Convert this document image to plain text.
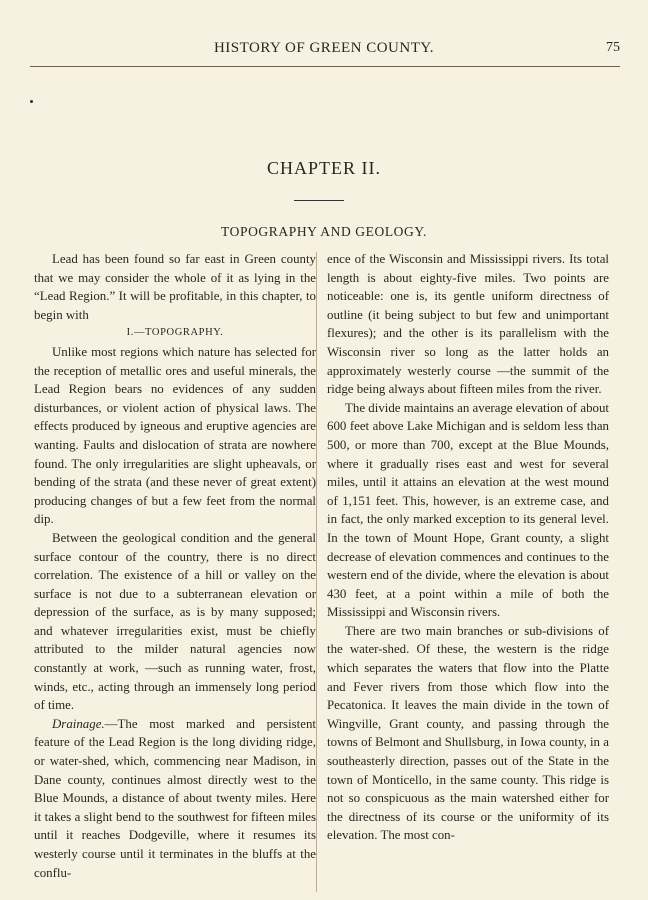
HISTORY OF GREEN COUNTY.	75
CHAPTER II.
TOPOGRAPHY AND GEOLOGY.

Lead has been found so far east in Green county that we may consider the whole of it as lying in the “Lead Region.” It will be profitable, in this chapter, to begin with

I.—TOPOGRAPHY.

Unlike most regions which nature has selected for the reception of metallic ores and useful minerals, the Lead Region bears no evidences of any sudden disturbances, or violent action of physical laws. The effects produced by igneous and eruptive agencies are wanting. Faults and dislocation of strata are nowhere found. The only irregularities are slight upheavals, or bending of the strata (and these never of great extent) producing changes of but a few feet from the normal dip.

Between the geological condition and the general surface contour of the country, there is no direct correlation. The existence of a hill or valley on the surface is not due to a subterranean elevation or depression of the surface, as is by many supposed; and whatever irregularities exist, must be chiefly attributed to the milder natural agencies now constantly at work, —such as running water, frost, winds, etc., acting through an immensely long period of time.

Drainage.—The most marked and persistent feature of the Lead Region is the long dividing ridge, or water-shed, which, commencing near Madison, in Dane county, continues almost directly west to the Blue Mounds, a distance of about twenty miles. Here it takes a slight bend to the southwest for fifteen miles until it reaches Dodgeville, where it resumes its westerly course until it terminates in the bluffs at the conflu-

ence of the Wisconsin and Mississippi rivers. Its total length is about eighty-five miles. Two points are noticeable: one is, its gentle uniform directness of outline (it being subject to but few and unimportant flexures); and the other is its parallelism with the Wisconsin river so long as the latter holds an approximately westerly course —the summit of the ridge being always about fifteen miles from the river.

The divide maintains an average elevation of about 600 feet above Lake Michigan and is seldom less than 500, or more than 700, except at the Blue Mounds, where it gradually rises east and west for several miles, until it attains an elevation at the west mound of 1,151 feet. This, however, is an extreme case, and in fact, the only marked exception to its general level. In the town of Mount Hope, Grant county, a slight decrease of elevation commences and continues to the western end of the divide, where the elevation is about 430 feet, at a point within a mile of both the Mississippi and Wisconsin rivers.

There are two main branches or sub-divisions of the water-shed. Of these, the western is the ridge which separates the waters that flow into the Platte and Fever rivers from those which flow into the Pecatonica. It leaves the main divide in the town of Wingville, Grant county, and passing through the towns of Belmont and Shullsburg, in Iowa county, in a southeasterly direction, passes out of the State in the town of Monticello, in the same county. This ridge is not so conspicuous as the main watershed either for the directness of its course or the uniformity of its elevation. The most con-
